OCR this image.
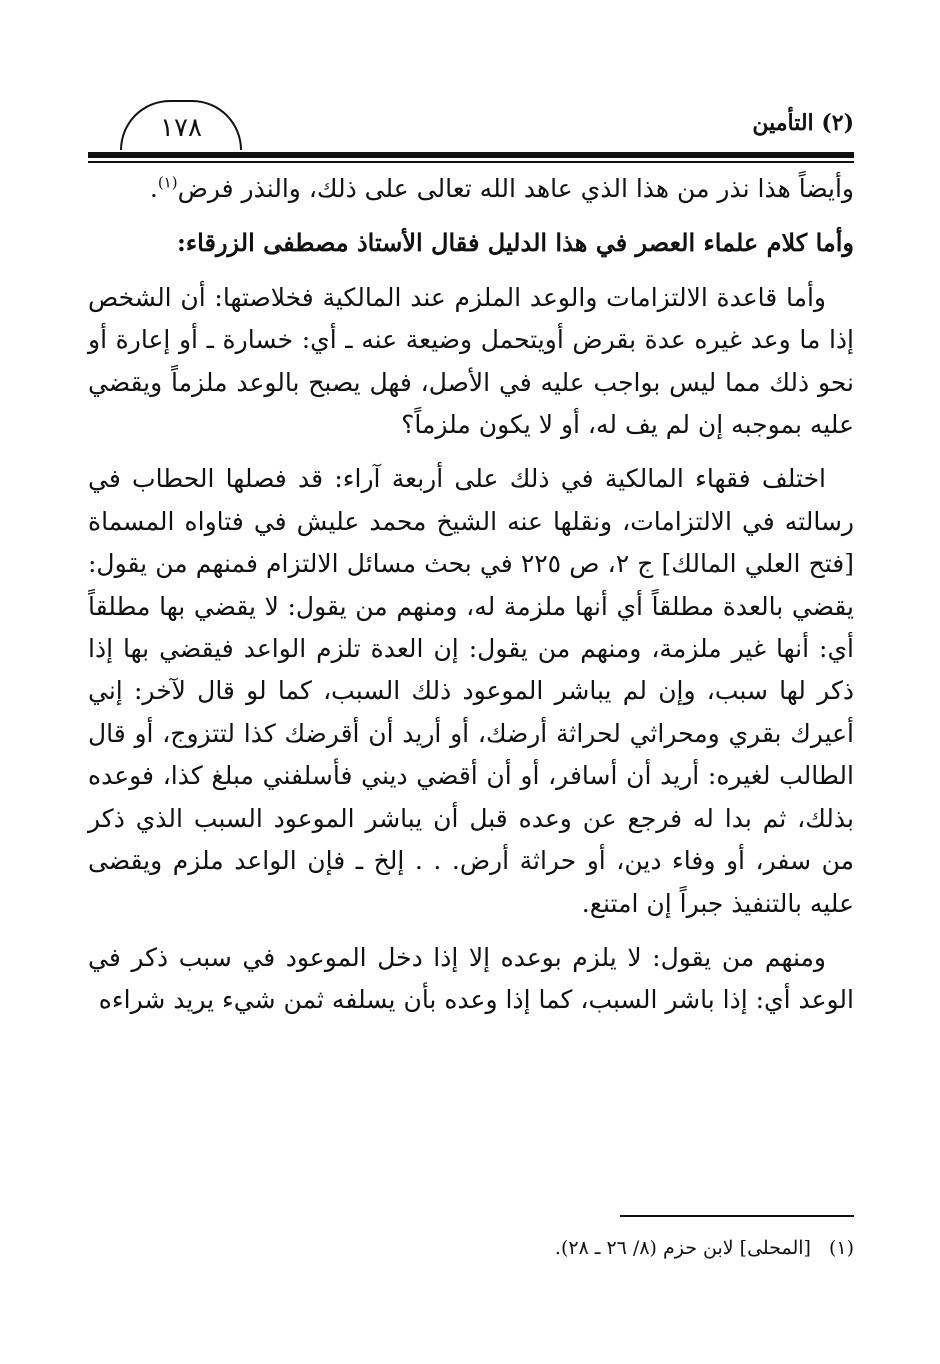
١٧٨	(٢) التأمين

وأيضاً هذا نذر من هذا الذي عاهد الله تعالى على ذلك، والنذر فرض$^{(١)}$.

وأما كلام علماء العصر في هذا الدليل فقال الأستاذ مصطفى الزرقاء:

وأما قاعدة الالتزامات والوعد الملزم عند المالكية فخلاصتها: أن الشخص إذا ما وعد غيره عدة بقرض أويتحمل وضيعة عنه ـ أي: خسارة ـ أو إعارة أو نحو ذلك مما ليس بواجب عليه في الأصل، فهل يصبح بالوعد ملزماً ويقضي عليه بموجبه إن لم يف له، أو لا يكون ملزماً؟

اختلف فقهاء المالكية في ذلك على أربعة آراء: قد فصلها الحطاب في رسالته في الالتزامات، ونقلها عنه الشيخ محمد عليش في فتاواه المسماة [فتح العلي المالك] ج ٢، ص ٢٢٥ في بحث مسائل الالتزام فمنهم من يقول: يقضي بالعدة مطلقاً أي أنها ملزمة له، ومنهم من يقول: لا يقضي بها مطلقاً أي: أنها غير ملزمة، ومنهم من يقول: إن العدة تلزم الواعد فيقضي بها إذا ذكر لها سبب، وإن لم يباشر الموعود ذلك السبب، كما لو قال لآخر: إني أعيرك بقري ومحراثي لحراثة أرضك، أو أريد أن أقرضك كذا لتتزوج، أو قال الطالب لغيره: أريد أن أسافر، أو أن أقضي ديني فأسلفني مبلغ كذا، فوعده بذلك، ثم بدا له فرجع عن وعده قبل أن يباشر الموعود السبب الذي ذكر من سفر، أو وفاء دين، أو حراثة أرض. . . إلخ ـ فإن الواعد ملزم ويقضى عليه بالتنفيذ جبراً إن امتنع.

ومنهم من يقول: لا يلزم بوعده إلا إذا دخل الموعود في سبب ذكر في الوعد أي: إذا باشر السبب، كما إذا وعده بأن يسلفه ثمن شيء يريد شراءه

(١)[المحلى] لابن حزم (٨/ ٢٦ ـ ٢٨).
